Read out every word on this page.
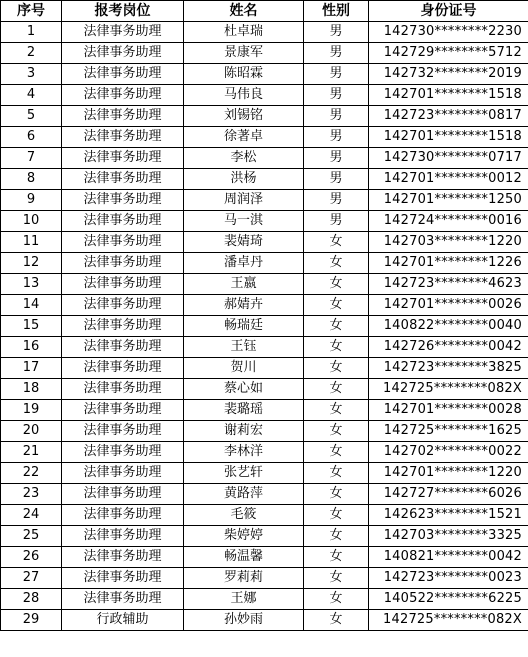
序号	报考岗位	姓名	性别	身份证号
1	法律事务助理	杜卓瑞	男	142730********2230
2	法律事务助理	景康军	男	142729********5712
3	法律事务助理	陈昭霖	男	142732********2019
4	法律事务助理	马伟良	男	142701********1518
5	法律事务助理	刘锡铭	男	142723********0817
6	法律事务助理	徐著卓	男	142701********1518
7	法律事务助理	李松	男	142730********0717
8	法律事务助理	洪杨	男	142701********0012
9	法律事务助理	周润泽	男	142701********1250
10	法律事务助理	马一淇	男	142724********0016
11	法律事务助理	裴婧琦	女	142703********1220
12	法律事务助理	潘卓丹	女	142701********1226
13	法律事务助理	王嬴	女	142723********4623
14	法律事务助理	郝婧卉	女	142701********0026
15	法律事务助理	畅瑞廷	女	140822********0040
16	法律事务助理	王钰	女	142726********0042
17	法律事务助理	贺川	女	142723********3825
18	法律事务助理	蔡心如	女	142725********082X
19	法律事务助理	裴璐瑶	女	142701********0028
20	法律事务助理	谢莉宏	女	142725********1625
21	法律事务助理	李林洋	女	142702********0022
22	法律事务助理	张艺轩	女	142701********1220
23	法律事务助理	黄路萍	女	142727********6026
24	法律事务助理	毛筱	女	142623********1521
25	法律事务助理	柴婷婷	女	142703********3325
26	法律事务助理	畅温馨	女	140821********0042
27	法律事务助理	罗莉莉	女	142723********0023
28	法律事务助理	王娜	女	140522********6225
29	行政辅助	孙妙雨	女	142725********082X
